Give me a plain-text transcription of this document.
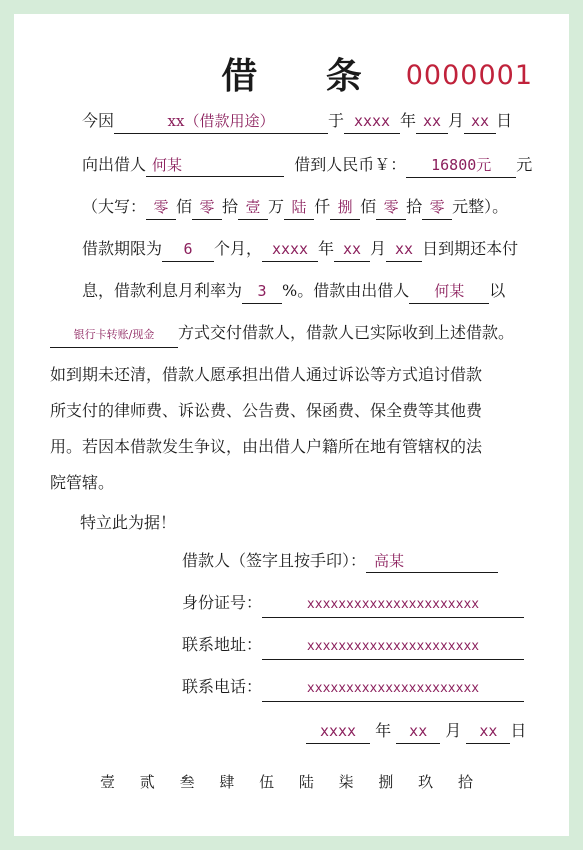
借 条 0000001
今因	xx（借款用途）	于 xxxx 年 xx 月 xx 日
向出借人 何某	借到人民币￥： 16800元 元
（大写： 零 佰 零 拾 壹 万 陆 仟 捌 佰 零 拾 零 元整）。
借款期限为 6 个月， xxxx 年 xx 月 xx 日到期还本付
息，借款利息月利率为 3 %。借款由出借人 何某 以
银行卡转账/现金 方式交付借款人，借款人已实际收到上述借款。
如到期未还清，借款人愿承担出借人通过诉讼等方式追讨借款
所支付的律师费、诉讼费、公告费、保函费、保全费等其他费
用。若因本借款发生争议，由出借人户籍所在地有管辖权的法
院管辖。
特立此为据！
借款人（签字且按手印）： 高某
身份证号：	xxxxxxxxxxxxxxxxxxxxxx
联系地址：	xxxxxxxxxxxxxxxxxxxxxx
联系电话：	xxxxxxxxxxxxxxxxxxxxxx
xxxx 年 xx 月 xx 日
壹 贰 叁 肆 伍 陆 柒 捌 玖 拾
